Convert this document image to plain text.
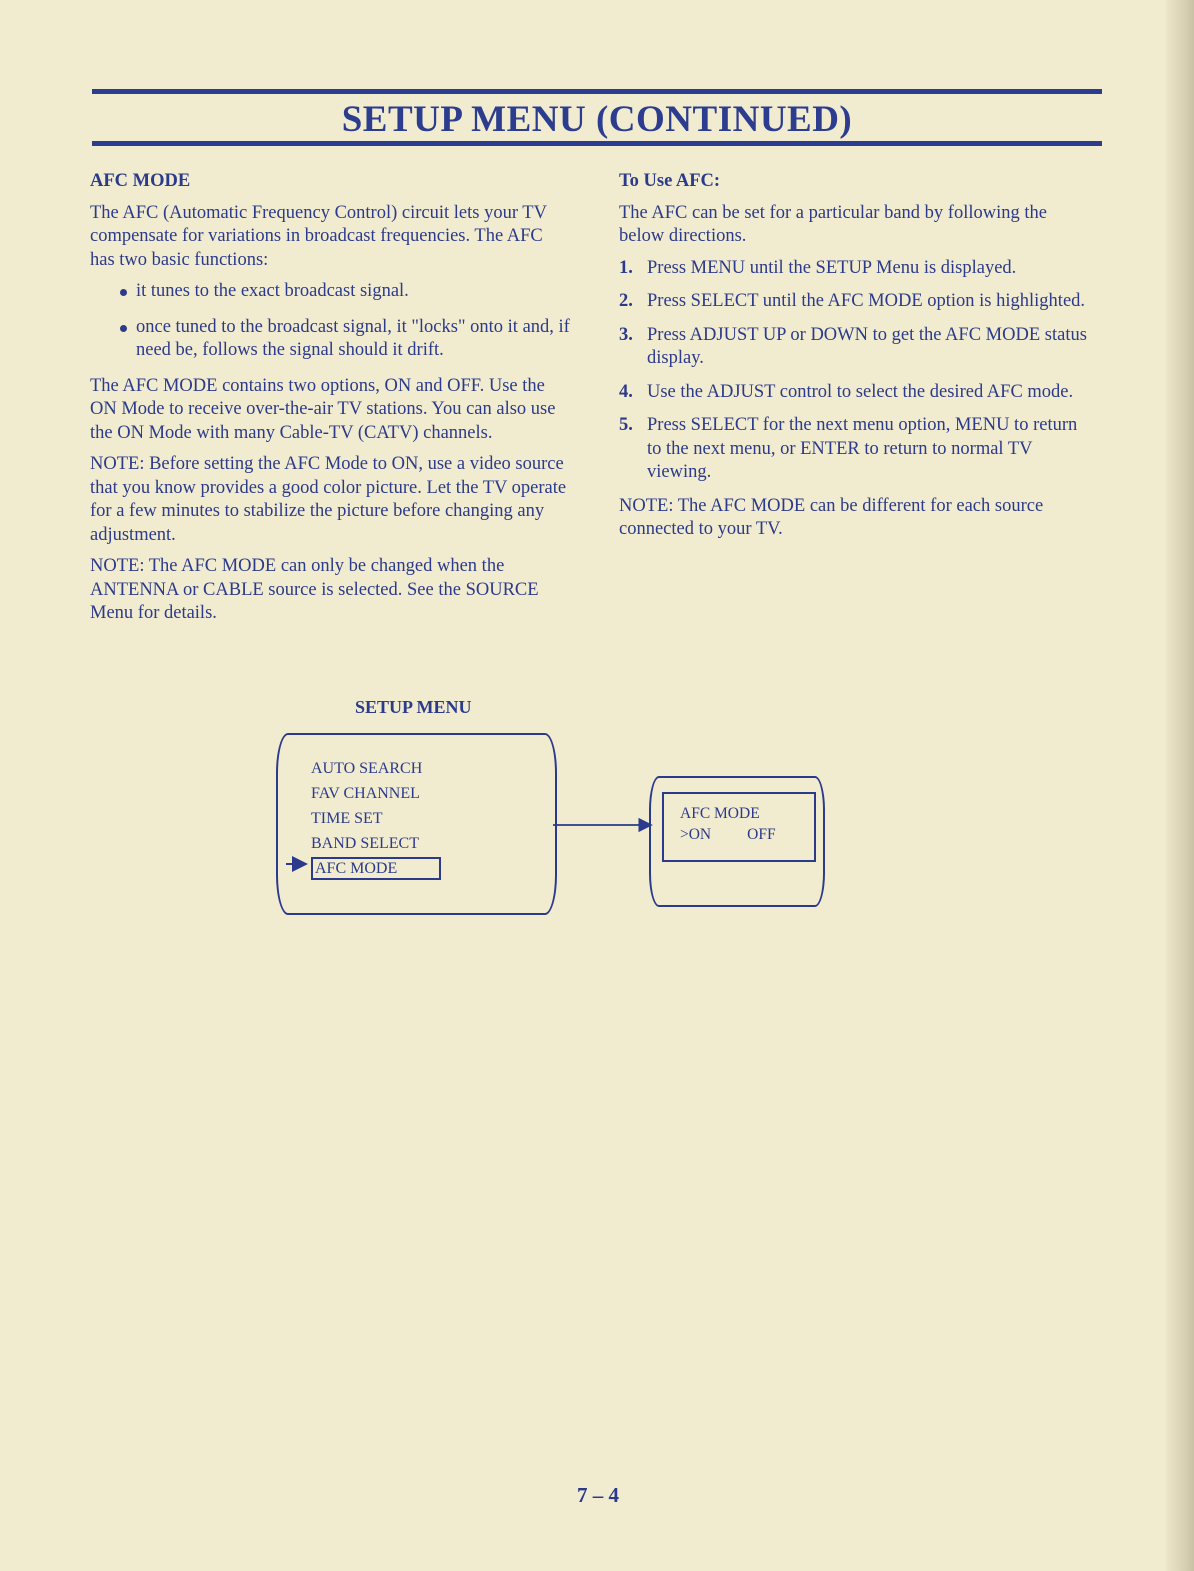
SETUP MENU (CONTINUED)

AFC MODE

The AFC (Automatic Frequency Control) circuit lets your TV compensate for variations in broadcast frequencies. The AFC has two basic functions:

it tunes to the exact broadcast signal.
once tuned to the broadcast signal, it "locks" onto it and, if need be, follows the signal should it drift.

The AFC MODE contains two options, ON and OFF. Use the ON Mode to receive over-the-air TV stations. You can also use the ON Mode with many Cable-TV (CATV) channels.

NOTE: Before setting the AFC Mode to ON, use a video source that you know provides a good color picture. Let the TV operate for a few minutes to stabilize the picture before changing any adjustment.

NOTE: The AFC MODE can only be changed when the ANTENNA or CABLE source is selected. See the SOURCE Menu for details.

To Use AFC:

The AFC can be set for a particular band by following the below directions.

1. Press MENU until the SETUP Menu is displayed.
2. Press SELECT until the AFC MODE option is highlighted.
3. Press ADJUST UP or DOWN to get the AFC MODE status display.
4. Use the ADJUST control to select the desired AFC mode.
5. Press SELECT for the next menu option, MENU to return to the next menu, or ENTER to return to normal TV viewing.

NOTE: The AFC MODE can be different for each source connected to your TV.

SETUP MENU
AUTO SEARCH
FAV CHANNEL
TIME SET
BAND SELECT
AFC MODE
AFC MODE
>ON OFF
7 – 4
